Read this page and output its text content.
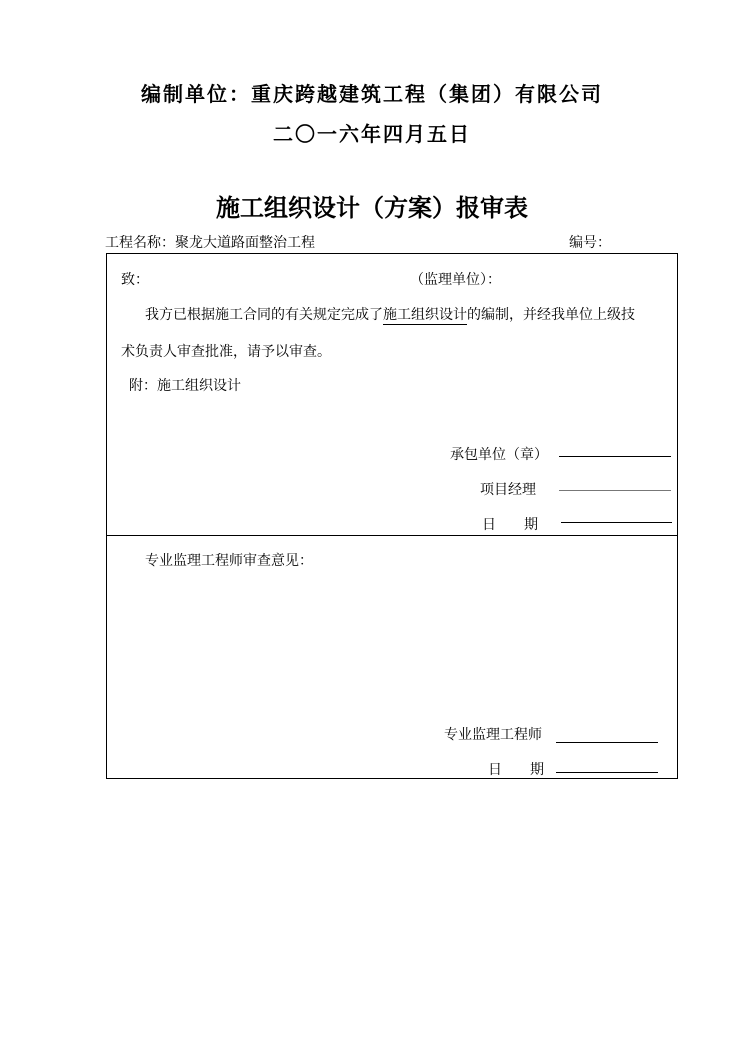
编制单位：重庆跨越建筑工程（集团）有限公司
二〇一六年四月五日
施工组织设计（方案）报审表
工程名称：聚龙大道路面整治工程	编号：
致：	（监理单位）：
我方已根据施工合同的有关规定完成了施工组织设计的编制，并经我单位上级技
术负责人审查批准，请予以审查。
附：施工组织设计
承包单位（章）
项目经理
日　　期
专业监理工程师审查意见：
专业监理工程师
日　　期
